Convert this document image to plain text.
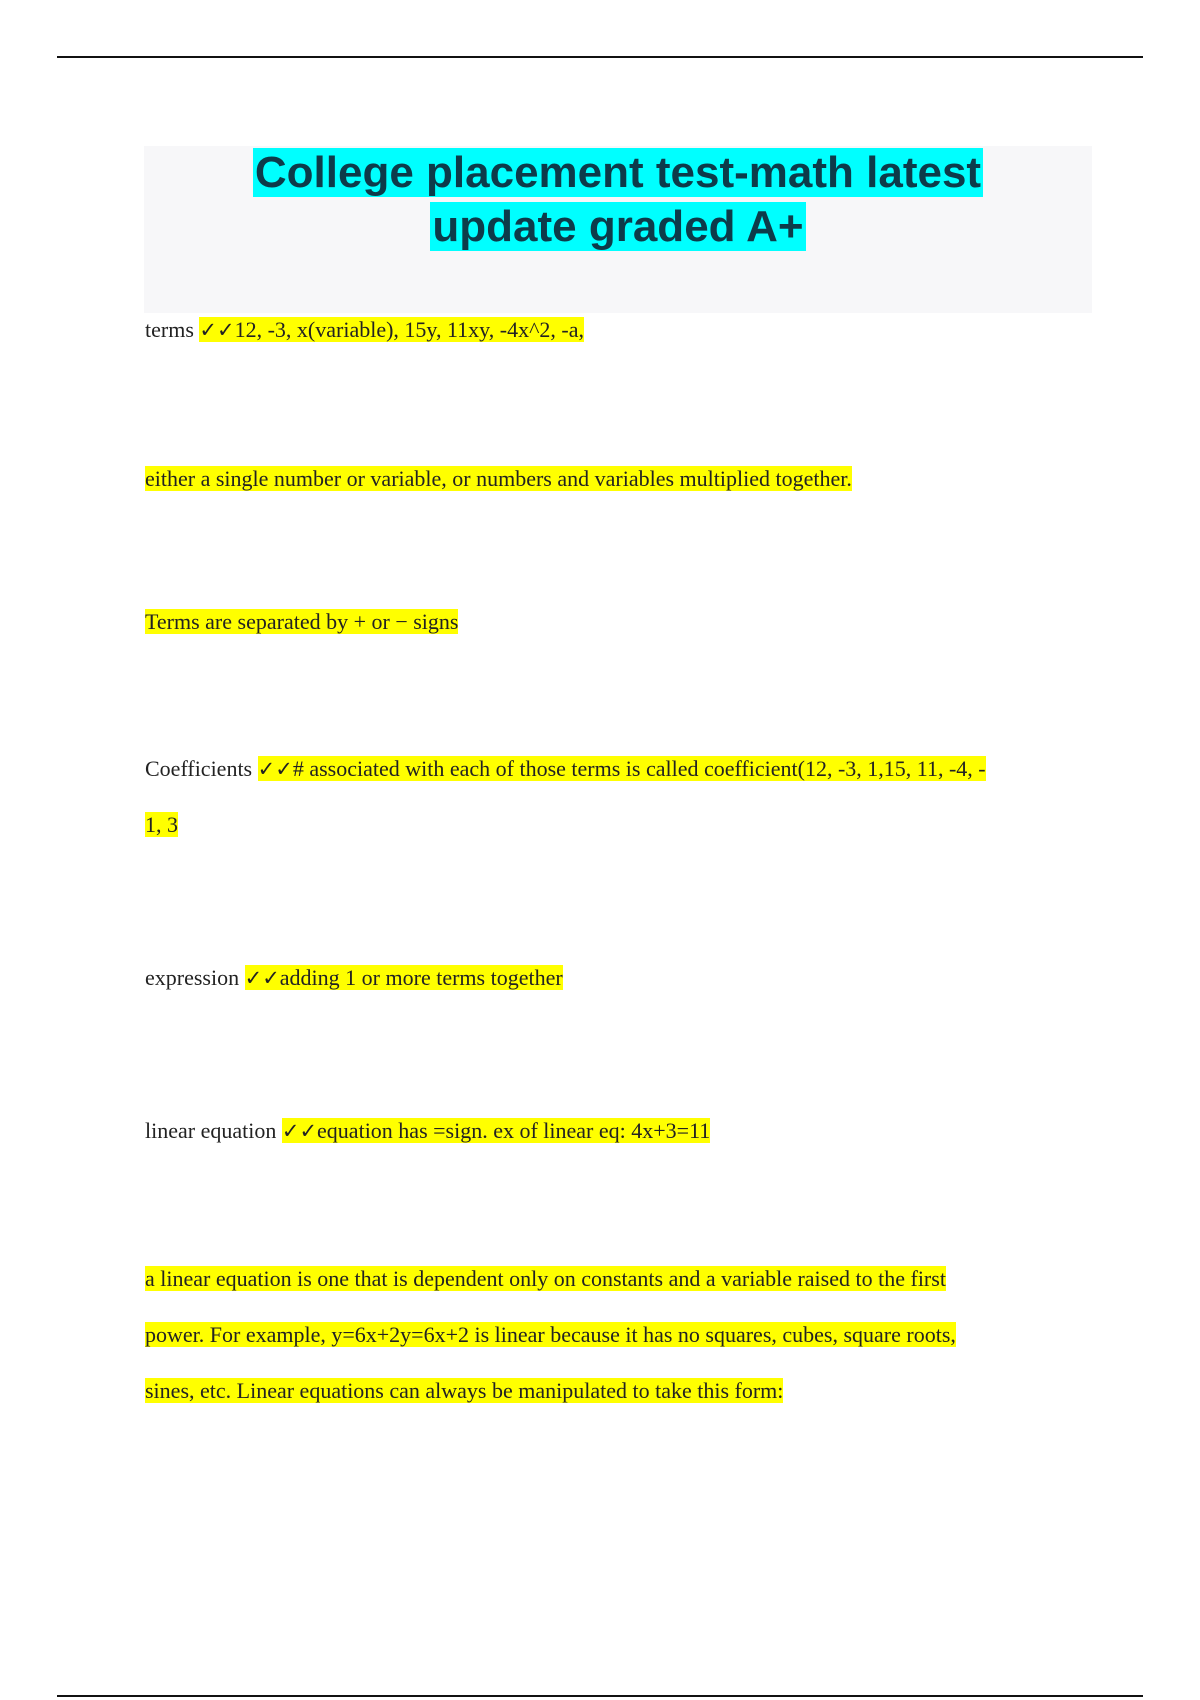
College placement test-math latest
update graded A+
terms ✓✓12, -3, x(variable), 15y, 11xy, -4x^2, -a,
either a single number or variable, or numbers and variables multiplied together.
Terms are separated by + or − signs
Coefficients ✓✓# associated with each of those terms is called coefficient(12, -3, 1,15, 11, -4, -
1, 3
expression ✓✓adding 1 or more terms together
linear equation ✓✓equation has =sign. ex of linear eq: 4x+3=11
a linear equation is one that is dependent only on constants and a variable raised to the first
power. For example, y=6x+2y=6x+2 is linear because it has no squares, cubes, square roots,
sines, etc. Linear equations can always be manipulated to take this form:
